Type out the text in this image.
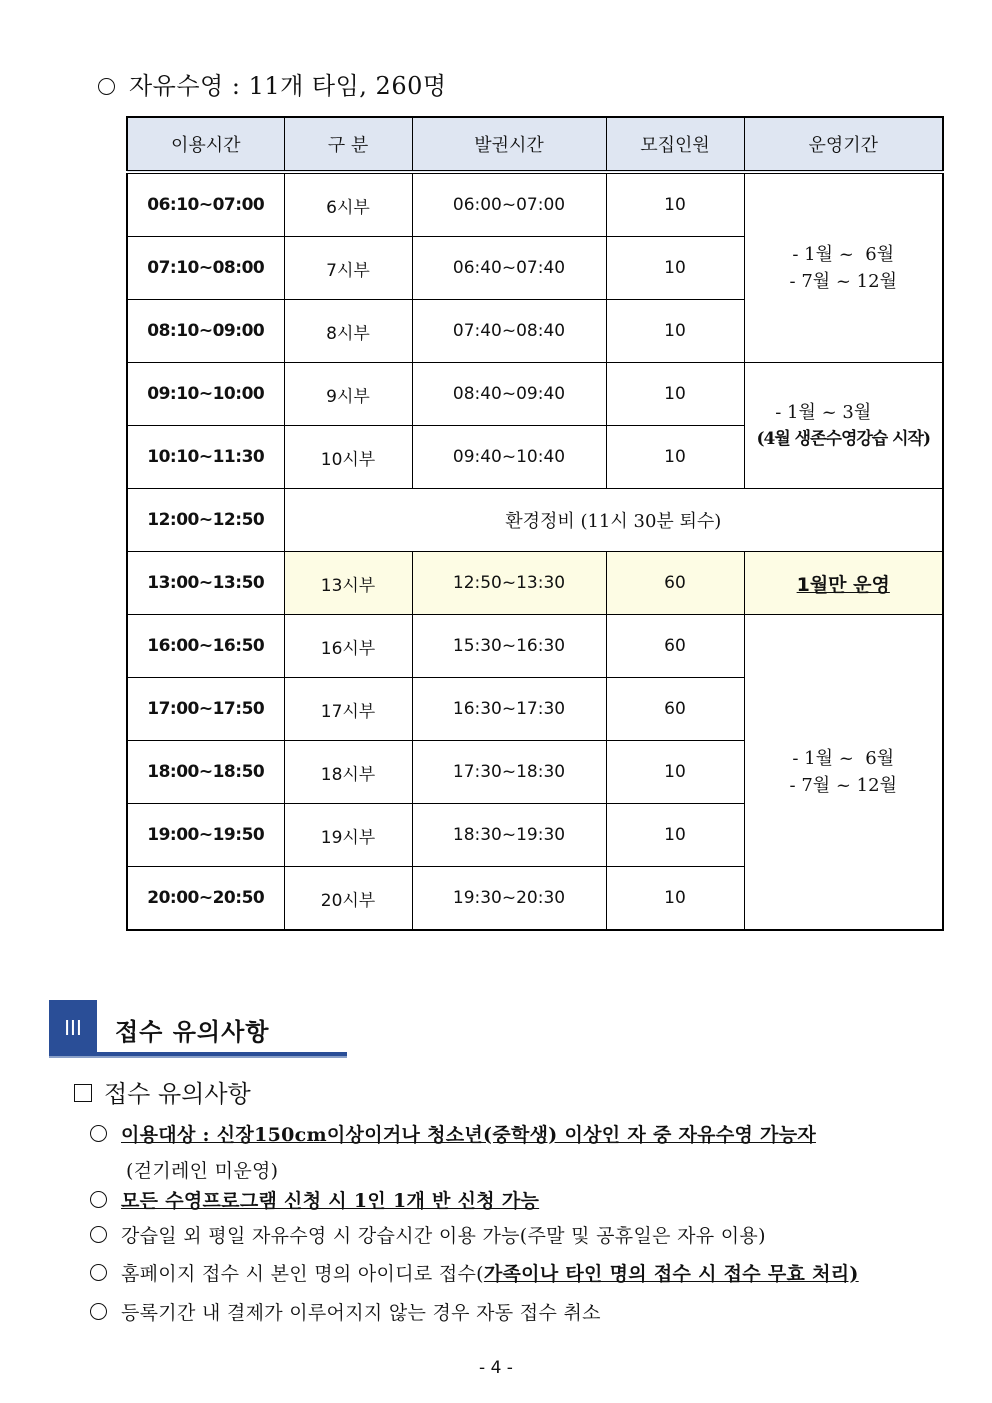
자유수영 : 11개 타임, 260명
이용시간	구 분	발권시간	모집인원	운영기간
06:10~07:00	6시부	06:00~07:00	10	- 1월 ~  6월
- 7월 ~ 12월

07:10~08:00	7시부	06:40~07:40	10	
08:10~09:00	8시부	07:40~08:40	10	
09:10~10:00	9시부	08:40~09:40	10	- 1월 ~ 3월
(4월 생존수영강습 시작)

10:10~11:30	10시부	09:40~10:40	10	
12:00~12:50	환경정비 (11시 30분 퇴수)			
13:00~13:50	13시부	12:50~13:30	60	1월만 운영
16:00~16:50	16시부	15:30~16:30	60	- 1월 ~  6월
- 7월 ~ 12월

17:00~17:50	17시부	16:30~17:30	60	
18:00~18:50	18시부	17:30~18:30	10	
19:00~19:50	19시부	18:30~19:30	10	
20:00~20:50	20시부	19:30~20:30	10	
III	접수 유의사항
접수 유의사항
이용대상 : 신장150cm이상이거나 청소년(중학생) 이상인 자 중 자유수영 가능자
(걷기레인 미운영)
모든 수영프로그램 신청 시 1인 1개 반 신청 가능
강습일 외 평일 자유수영 시 강습시간 이용 가능(주말 및 공휴일은 자유 이용)
홈페이지 접수 시 본인 명의 아이디로 접수(가족이나 타인 명의 접수 시 접수 무효 처리)
등록기간 내 결제가 이루어지지 않는 경우 자동 접수 취소
- 4 -
